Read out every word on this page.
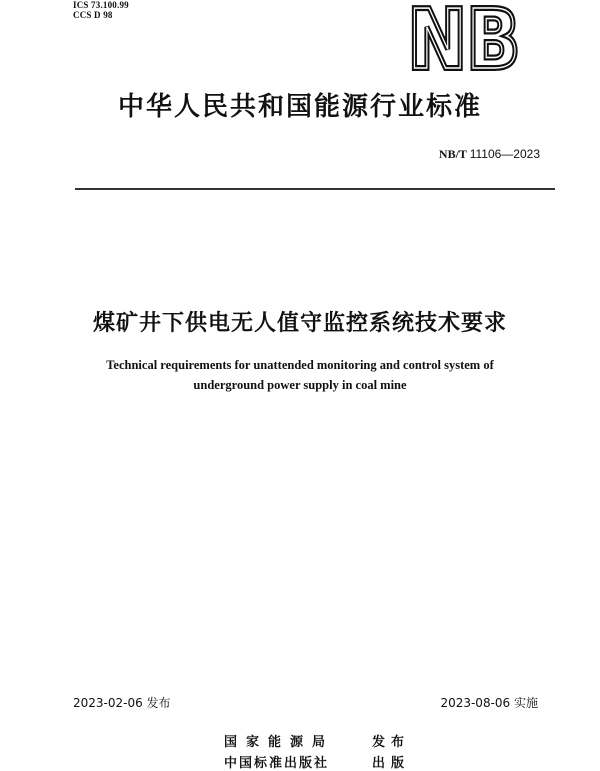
ICS 73.100.99
CCS D 98	NB
NB
中华人民共和国能源行业标准
NB/T 11106—2023
煤矿井下供电无人值守监控系统技术要求
Technical requirements for unattended monitoring and control system of
underground power supply in coal mine
2023-02-06 发布	2023-08-06 实施
国家能源局	发布
中国标准出版社	出版
